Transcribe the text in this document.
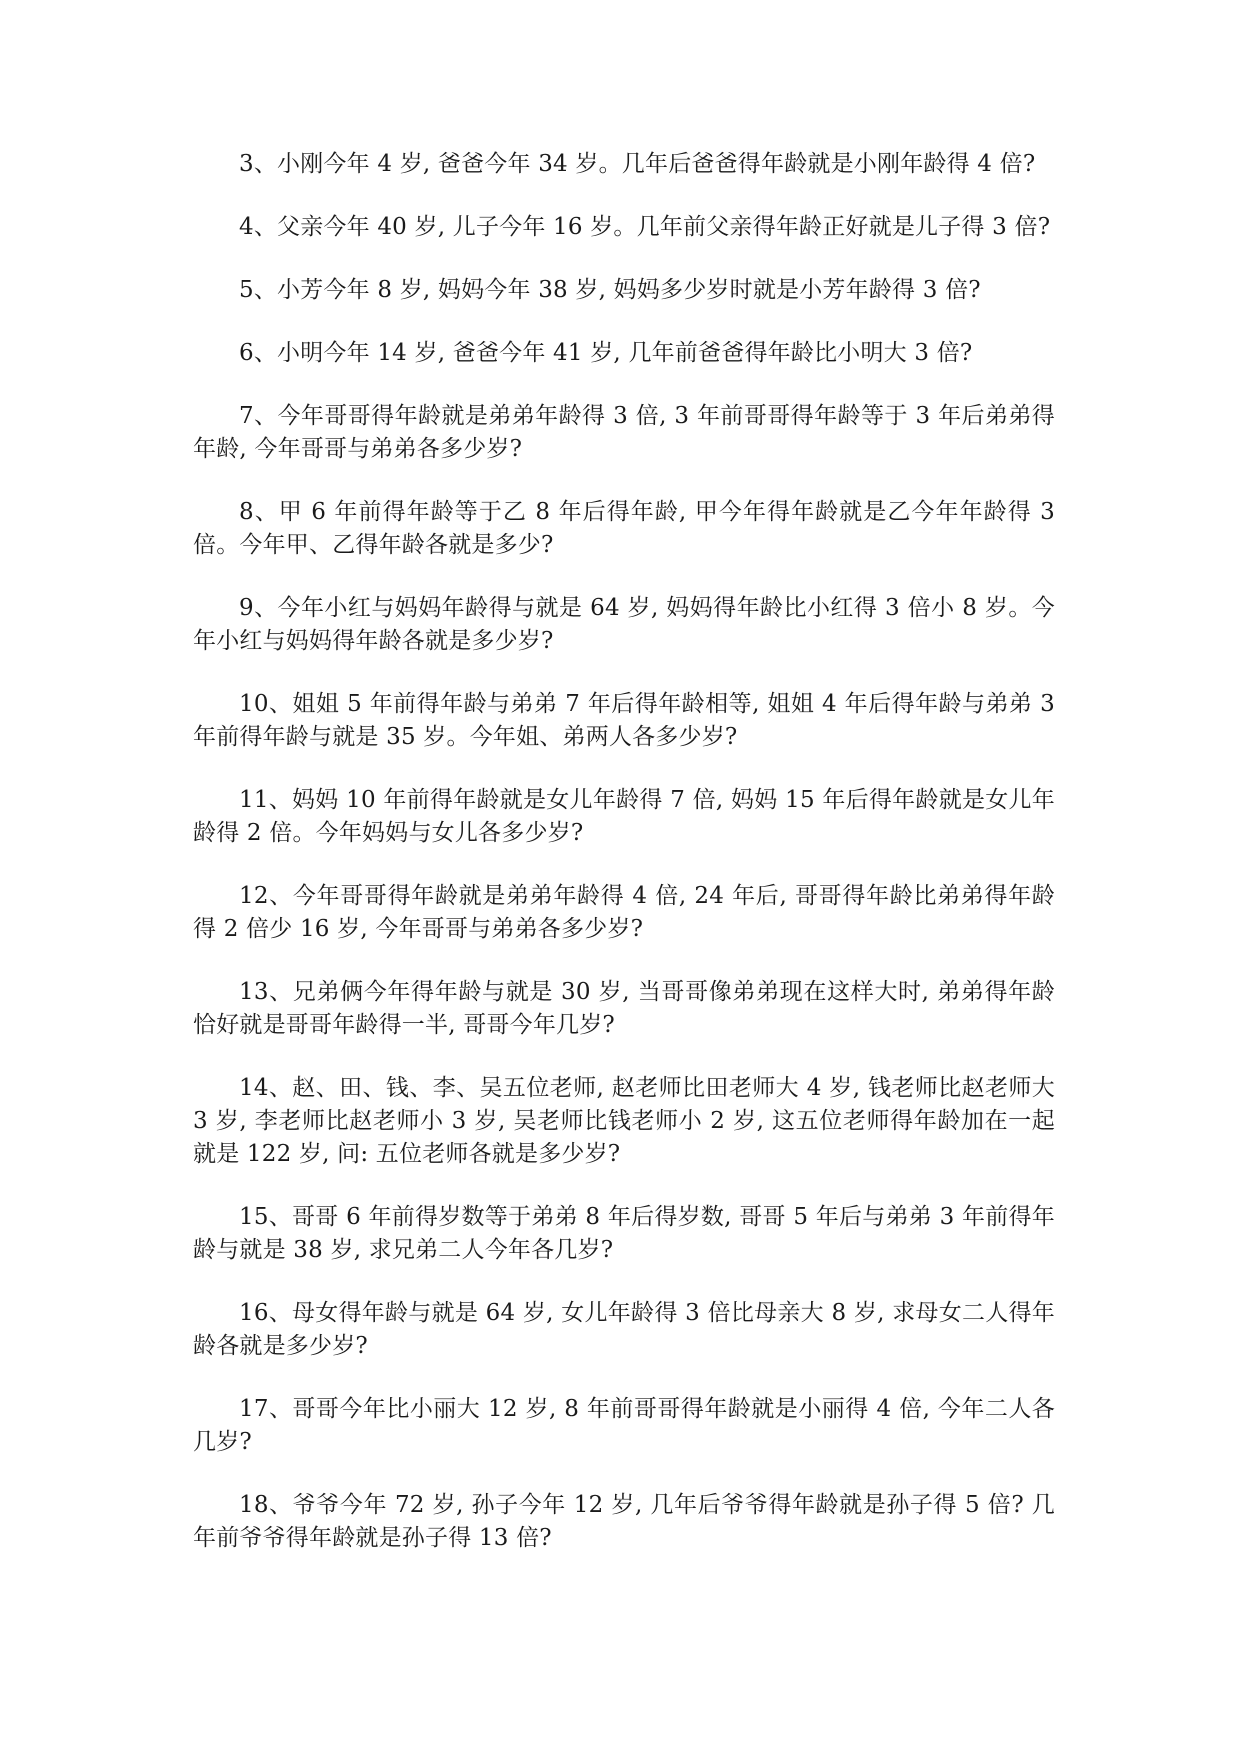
3、小刚今年 4 岁, 爸爸今年 34 岁。几年后爸爸得年龄就是小刚年龄得 4 倍?

4、父亲今年 40 岁, 儿子今年 16 岁。几年前父亲得年龄正好就是儿子得 3 倍?

5、小芳今年 8 岁, 妈妈今年 38 岁, 妈妈多少岁时就是小芳年龄得 3 倍?

6、小明今年 14 岁, 爸爸今年 41 岁, 几年前爸爸得年龄比小明大 3 倍?

7、今年哥哥得年龄就是弟弟年龄得 3 倍, 3 年前哥哥得年龄等于 3 年后弟弟得年龄, 今年哥哥与弟弟各多少岁?

8、甲 6 年前得年龄等于乙 8 年后得年龄, 甲今年得年龄就是乙今年年龄得 3 倍。今年甲、乙得年龄各就是多少?

9、今年小红与妈妈年龄得与就是 64 岁, 妈妈得年龄比小红得 3 倍小 8 岁。今年小红与妈妈得年龄各就是多少岁?

10、姐姐 5 年前得年龄与弟弟 7 年后得年龄相等, 姐姐 4 年后得年龄与弟弟 3 年前得年龄与就是 35 岁。今年姐、弟两人各多少岁?

11、妈妈 10 年前得年龄就是女儿年龄得 7 倍, 妈妈 15 年后得年龄就是女儿年龄得 2 倍。今年妈妈与女儿各多少岁?

12、今年哥哥得年龄就是弟弟年龄得 4 倍, 24 年后, 哥哥得年龄比弟弟得年龄得 2 倍少 16 岁, 今年哥哥与弟弟各多少岁?

13、兄弟俩今年得年龄与就是 30 岁, 当哥哥像弟弟现在这样大时, 弟弟得年龄恰好就是哥哥年龄得一半, 哥哥今年几岁?

14、赵、田、钱、李、吴五位老师, 赵老师比田老师大 4 岁, 钱老师比赵老师大 3 岁, 李老师比赵老师小 3 岁, 吴老师比钱老师小 2 岁, 这五位老师得年龄加在一起就是 122 岁, 问: 五位老师各就是多少岁?

15、哥哥 6 年前得岁数等于弟弟 8 年后得岁数, 哥哥 5 年后与弟弟 3 年前得年龄与就是 38 岁, 求兄弟二人今年各几岁?

16、母女得年龄与就是 64 岁, 女儿年龄得 3 倍比母亲大 8 岁, 求母女二人得年龄各就是多少岁?

17、哥哥今年比小丽大 12 岁, 8 年前哥哥得年龄就是小丽得 4 倍, 今年二人各几岁?

18、爷爷今年 72 岁, 孙子今年 12 岁, 几年后爷爷得年龄就是孙子得 5 倍? 几年前爷爷得年龄就是孙子得 13 倍?
